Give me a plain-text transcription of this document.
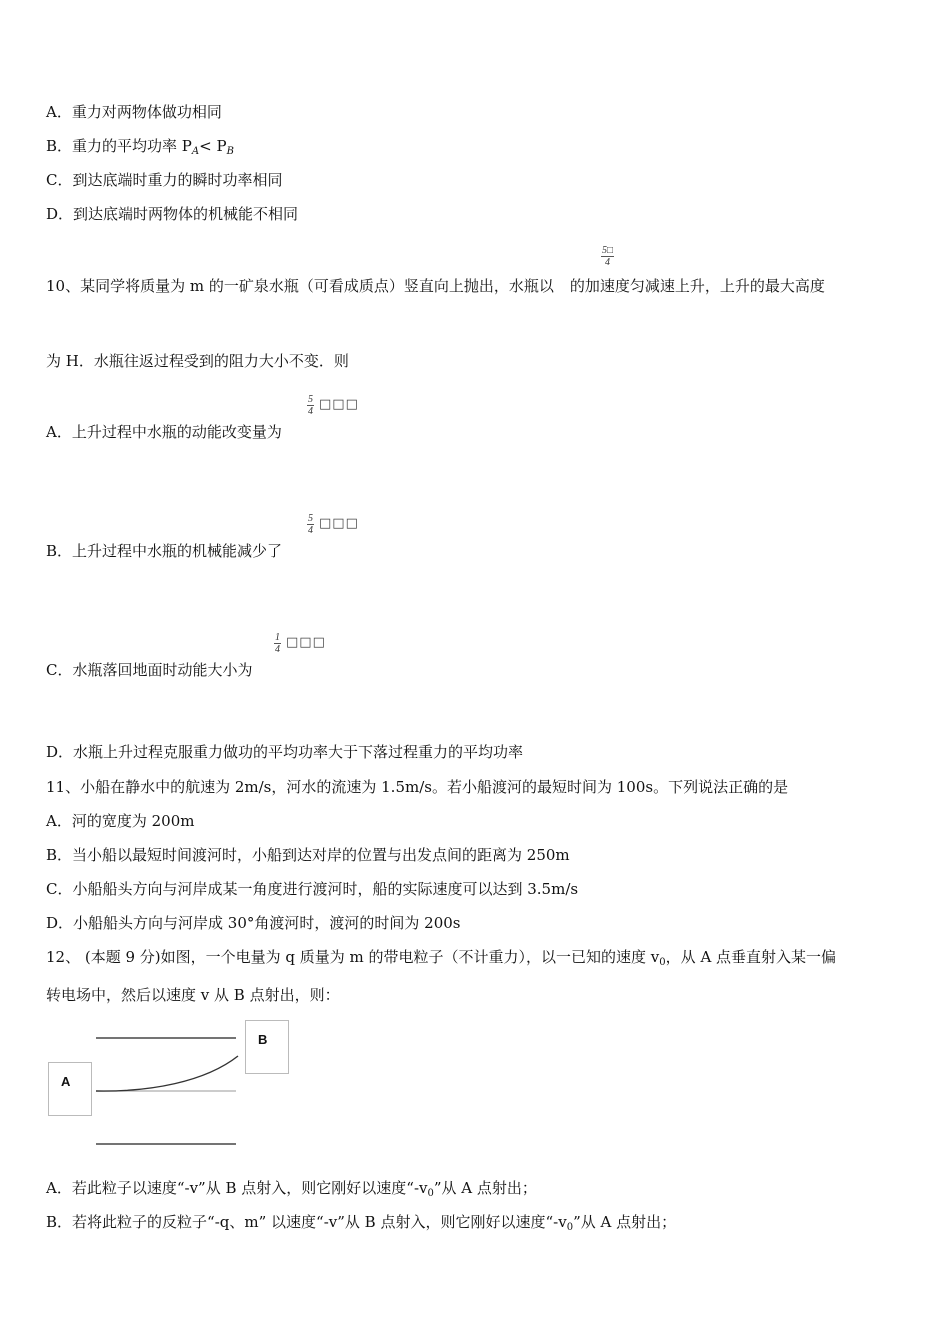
A．重力对两物体做功相同
B．重力的平均功率 $P_A< P_B$
C．到达底端时重力的瞬时功率相同
D．到达底端时两物体的机械能不相同
$\frac{5□}{4}$
10、某同学将质量为 m 的一矿泉水瓶（可看成质点）竖直向上抛出，水瓶以 的加速度匀减速上升，上升的最大高度
为 H．水瓶往返过程受到的阻力大小不变．则
$\frac{5}{4}$ □□□
A．上升过程中水瓶的动能改变量为
$\frac{5}{4}$ □□□
B．上升过程中水瓶的机械能减少了
$\frac{1}{4}$ □□□
C．水瓶落回地面时动能大小为
D．水瓶上升过程克服重力做功的平均功率大于下落过程重力的平均功率
11、小船在静水中的航速为 2m/s，河水的流速为 1.5m/s。若小船渡河的最短时间为 100s。下列说法正确的是
A．河的宽度为 200m
B．当小船以最短时间渡河时，小船到达对岸的位置与出发点间的距离为 250m
C．小船船头方向与河岸成某一角度进行渡河时，船的实际速度可以达到 3.5m/s
D．小船船头方向与河岸成 30°角渡河时，渡河的时间为 200s
12、 (本题 9 分)如图，一个电量为 q 质量为 m 的带电粒子（不计重力），以一已知的速度 $v_0$，从 A 点垂直射入某一偏
转电场中，然后以速度 v 从 B 点射出，则：
A
B
A．若此粒子以速度“-v”从 B 点射入，则它刚好以速度“$-v_0$”从 A 点射出；
B．若将此粒子的反粒子“-q、m” 以速度“-v”从 B 点射入，则它刚好以速度“$-v_0$”从 A 点射出；
